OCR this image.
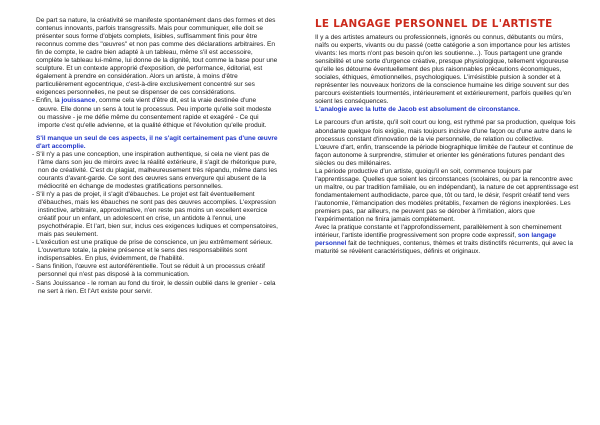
De part sa nature, la créativité se manifeste spontanément dans des formes et des contenus innovants, parfois transgressifs. Mais pour communiquer, elle doit se présenter sous forme d'objets complets, lisibles, suffisamment finis pour être reconnus comme des "œuvres" et non pas comme des déclarations arbitraires. En fin de compte, le cadre bien adapté à un tableau, même s'il est accessoire, complète le tableau lui-même, lui donne de la dignité, tout comme la base pour une sculpture. Et un contexte approprié d'exposition, de performance, éditorial, est également à prendre en considération. Alors un artiste, à moins d'être particulièrement egocentrique, c'est-à-dire exclusivement concentré sur ses exigences personnelles, ne peut se dispenser de ces considérations.

- Enfin, la jouissance, comme cela vient d'être dit, est la vraie destinée d'une œuvre. Elle donne un sens à tout le processus. Peu importe qu'elle soit modeste ou massive - je me défie même du consentement rapide et exagéré - Ce qui importe c'est qu'elle advienne, et la qualité éthique et l'évolution qu'elle produit.

S'il manque un seul de ces aspects, il ne s'agit certainement pas d'une œuvre d'art accomplie.

- S'il n'y a pas une conception, une inspiration authentique, si cela ne vient pas de l'âme dans son jeu de miroirs avec la réalité extérieure, il s'agit de rhétorique pure, non de créativité. C'est du plagiat, malheureusement très répandu, même dans les courants d'avant-garde. Ce sont des œuvres sans envergure qui abusent de la médiocrité en échange de modestes gratifications personnelles.

- S'il n'y a pas de projet, il s'agit d'ébauches. Le projet est fait éventuellement d'ébauches, mais les ébauches ne sont pas des œuvres accomplies. L'expression instinctive, arbitraire, approximative, n'en reste pas moins un excellent exercice créatif pour un enfant, un adolescent en crise, un antidote à l'ennui, une psychothérapie. Et l'art, bien sur, inclus ces exigences ludiques et compensatoires, mais pas seulement.

- L'exécution est une pratique de prise de conscience, un jeu extrêmement sérieux. L'ouverture totale, la pleine présence et le sens des responsabilités sont indispensables. En plus, évidemment, de l'habilité.

- Sans finition, l'œuvre est autoréférentielle. Tout se réduit à un processus créatif personnel qui n'est pas disposé à la communication.

- Sans Jouissance - le roman au fond du tiroir, le dessin oublié dans le grenier - cela ne sert à rien. Et l'Art existe pour servir.

LE LANGAGE PERSONNEL DE L'ARTISTE

Il y a des artistes amateurs ou professionnels, ignorés ou connus, débutants ou mûrs, naïfs ou experts, vivants ou du passé (cette catégorie a son importance pour les artistes vivants: les morts n'ont pas besoin qu'on les soutienne...). Tous partagent une grande sensibilité et une sorte d'urgence créative, presque physiologique, tellement vigoureuse qu'elle les détourne éventuellement des plus raisonnables précautions économiques, sociales, éthiques, émotionnelles, psychologiques. L'irrésistible pulsion à sonder et à représenter les nouveaux horizons de la conscience humaine les dirige souvent sur des parcours existentiels tourmentés, intérieurement et extérieurement, parfois quelles qu'en soient les conséquences.

L'analogie avec la lutte de Jacob est absolument de circonstance.

Le parcours d'un artiste, qu'il soit court ou long, est rythmé par sa production, quelque fois abondante quelque fois exigüe, mais toujours incisive d'une façon ou d'une autre dans le processus constant d'innovation de la vie personnelle, de relation ou collective.

L'œuvre d'art, enfin, transcende la période biographique limitée de l'auteur et continue de façon autonome à surprendre, stimuler et orienter les générations futures pendant des siècles ou des millénaires.

La période productive d'un artiste, quoiqu'il en soit, commence toujours par l'apprentissage. Quelles que soient les circonstances (scolaires, ou par la rencontre avec un maître, ou par tradition familiale, ou en indépendant), la nature de cet apprentissage est fondamentalement authodidacte, parce que, tôt ou tard, le désir, l'esprit créatif tend vers l'autonomie, l'émancipation des modèles prétablis, l'examen de régions inexplorées. Les premiers pas, par ailleurs, ne peuvent pas se dérober à l'imitation, alors que l'expérimentation ne finira jamais complètement.

Avec la pratique constante et l'approfondissement, parallèlement à son cheminement intérieur, l'artiste identifie progressivement son propre code expressif, son langage personnel fait de techniques, contenus, thèmes et traits distinctifs récurrents, qui avec la maturité se révèlent caractéristiques, définis et originaux.
